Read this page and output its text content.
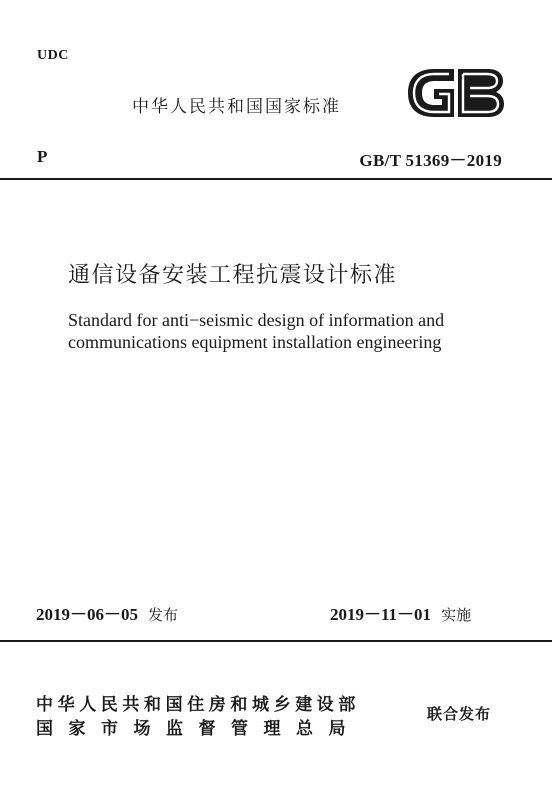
UDC
中华人民共和国国家标准
P	GB/T 51369－2019
通信设备安装工程抗震设计标准
Standard for anti−seismic design of information and
communications equipment installation engineering
2019－06－05 发布	2019－11－01 实施
中华人民共和国住房和城乡建设部
国家市场监督管理总局
联合发布
